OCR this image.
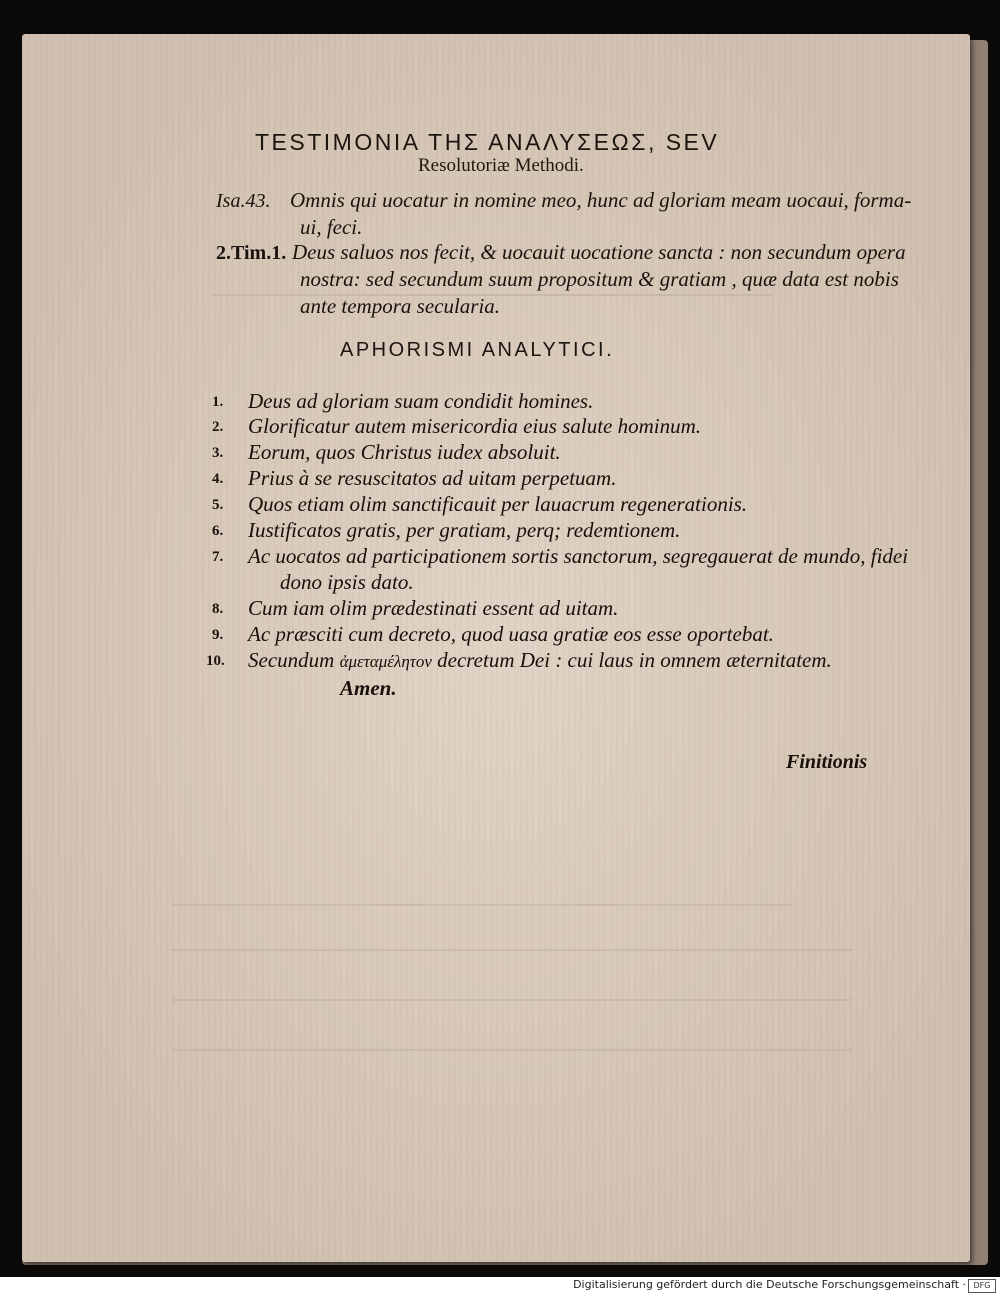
TESTIMONIA ΤΗΣ ΑΝΑΛΥΣΕΩΣ, SEV
Resolutoriæ Methodi.
Isa.43. Omnis qui uocatur in nomine meo, hunc ad gloriam meam uocaui, forma-
ui, feci.
2.Tim.1. Deus saluos nos fecit, & uocauit uocatione sancta : non secundum opera
nostra: sed secundum suum propositum & gratiam , quæ data est nobis
ante tempora secularia.
APHORISMI ANALYTICI.
1.	Deus ad gloriam suam condidit homines.
2.	Glorificatur autem misericordia eius salute hominum.
3.	Eorum, quos Christus iudex absoluit.
4.	Prius à se resuscitatos ad uitam perpetuam.
5.	Quos etiam olim sanctificauit per lauacrum regenerationis.
6.	Iustificatos gratis, per gratiam, perq; redemtionem.
7.	Ac uocatos ad participationem sortis sanctorum, segregauerat de mundo, fidei
dono ipsis dato.
8.	Cum iam olim prædestinati essent ad uitam.
9.	Ac præsciti cum decreto, quod uasa gratiæ eos esse oportebat.
10.	Secundum ἀμεταμέλητον decretum Dei : cui laus in omnem æternitatem.
Amen.
Finitionis
Digitalisierung gefördert durch die Deutsche Forschungsgemeinschaft · DFG
